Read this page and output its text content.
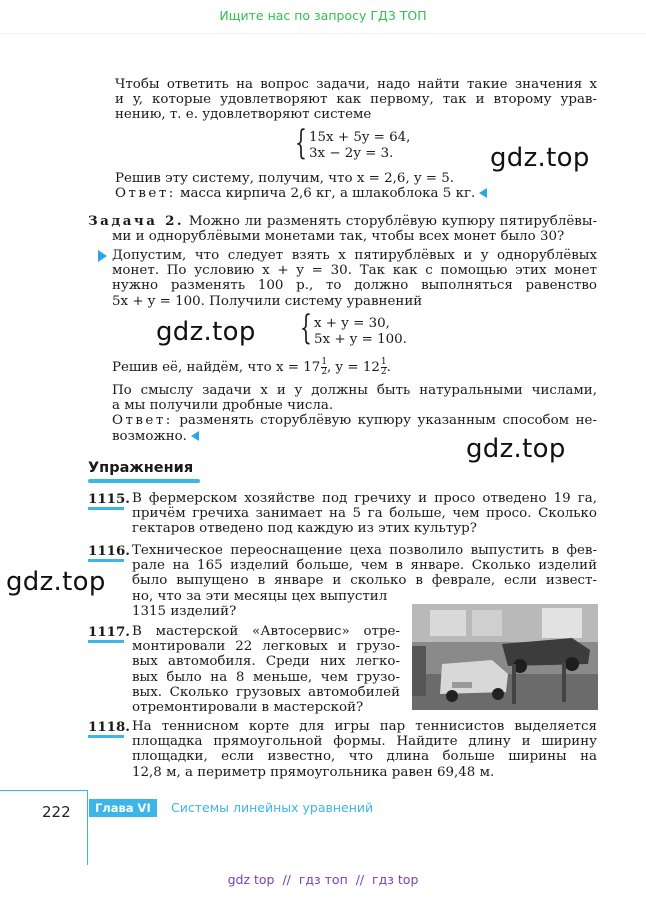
Ищите нас по запросу ГДЗ ТОП
Чтобы ответить на вопрос задачи, надо найти такие значения x
и y, которые удовлетворяют как первому, так и второму урав-
нению, т. е. удовлетворяют системе
{ 15x + 5y = 64,
3x − 2y = 3.	gdz.top
Решив эту систему, получим, что x = 2,6, y = 5.
Ответ: масса кирпича 2,6 кг, а шлакоблока 5 кг.
Задача 2. Можно ли разменять сторублёвую купюру пятирублёвы-
ми и однорублёвыми монетами так, чтобы всех монет было 30?
Допустим, что следует взять x пятирублёвых и y однорублёвых
монет. По условию x + y = 30. Так как с помощью этих монет
нужно разменять 100 р., то должно выполняться равенство
5x + y = 100. Получили систему уравнений
gdz.top { x + y = 30,
5x + y = 100.
Решив её, найдём, что $x = 17 \frac{1}{2}$ , $y = 12 \frac{1}{2}$ .
По смыслу задачи x и y должны быть натуральными числами,
а мы получили дробные числа.
Ответ: разменять сторублёвую купюру указанным способом не-
возможно.	gdz.top
Упражнения
1115. В фермерском хозяйстве под гречиху и просо отведено 19 га,
причём гречиха занимает на 5 га больше, чем просо. Сколько
гектаров отведено под каждую из этих культур?
1116. Техническое переоснащение цеха позволило выпустить в фев-
рале на 165 изделий больше, чем в январе. Сколько изделий
было выпущено в январе и сколько в феврале, если извест-
но, что за эти месяцы цех выпустил
1315 изделий?
gdz.top
1117. В мастерской «Автосервис» отре-
монтировали 22 легковых и грузо-
вых автомобиля. Среди них легко-
вых было на 8 меньше, чем грузо-
вых. Сколько грузовых автомобилей
отремонтировали в мастерской?
1118. На теннисном корте для игры пар теннисистов выделяется
площадка прямоугольной формы. Найдите длину и ширину
площадки, если известно, что длина больше ширины на
12,8 м, а периметр прямоугольника равен 69,48 м.
222	Глава VI	Системы линейных уравнений
gdz top  //  гдз топ  //  гдз top
